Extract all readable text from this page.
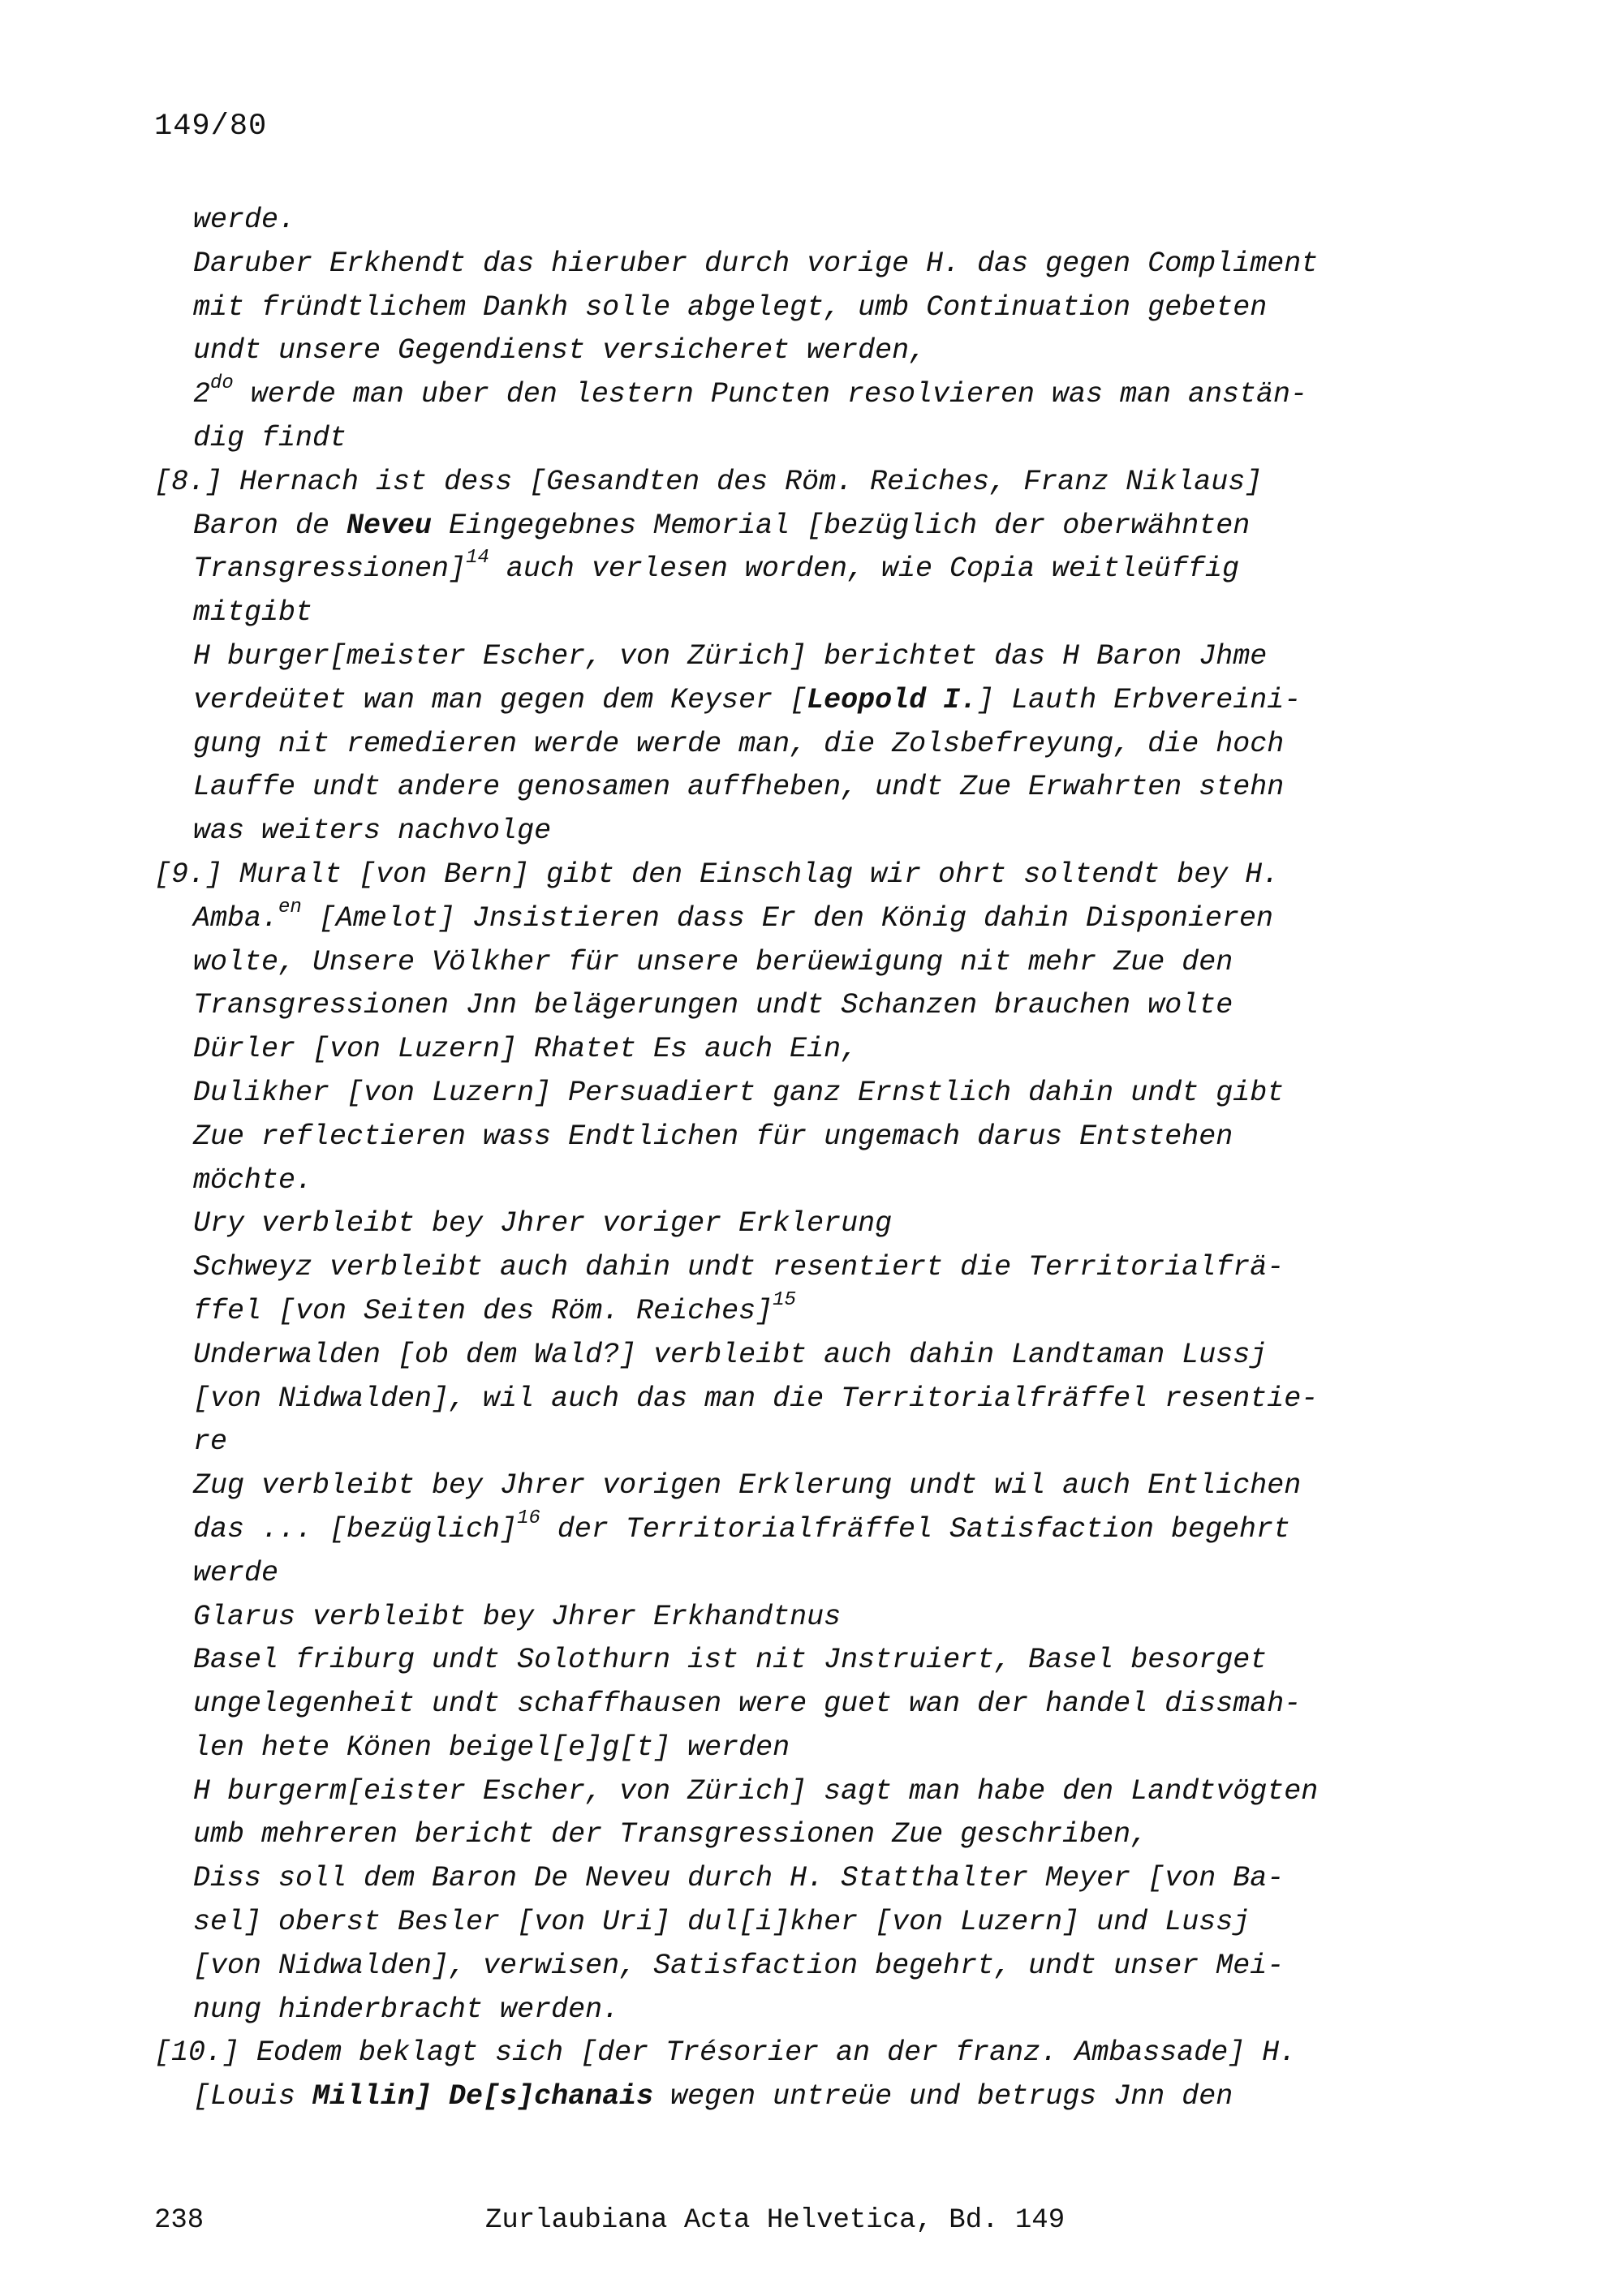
149/80
werde.
Daruber Erkhendt das hieruber durch vorige H. das gegen Compliment
mit fründtlichem Dankh solle abgelegt, umb Continuation gebeten
undt unsere Gegendienst versicheret werden,
$2^{do}$ werde man uber den lestern Puncten resolvieren was man anstän-
dig findt
[8.] Hernach ist dess [Gesandten des Röm. Reiches, Franz Niklaus]
Baron de Neveu Eingegebnes Memorial [bezüglich der oberwähnten
Transgressionen]$^{14}$ auch verlesen worden, wie Copia weitleüffig
mitgibt
H burger[meister Escher, von Zürich] berichtet das H Baron Jhme
verdeütet wan man gegen dem Keyser [Leopold I.] Lauth Erbvereini-
gung nit remedieren werde werde man, die Zolsbefreyung, die hoch
Lauffe undt andere genosamen auffheben, undt Zue Erwahrten stehn
was weiters nachvolge
[9.] Muralt [von Bern] gibt den Einschlag wir ohrt soltendt bey H.
Amba.$^{en}$ [Amelot] Jnsistieren dass Er den König dahin Disponieren
wolte, Unsere Völkher für unsere berüewigung nit mehr Zue den
Transgressionen Jnn belägerungen undt Schanzen brauchen wolte
Dürler [von Luzern] Rhatet Es auch Ein,
Dulikher [von Luzern] Persuadiert ganz Ernstlich dahin undt gibt
Zue reflectieren wass Endtlichen für ungemach darus Entstehen
möchte.
Ury verbleibt bey Jhrer voriger Erklerung
Schweyz verbleibt auch dahin undt resentiert die Territorialfrä-
ffel [von Seiten des Röm. Reiches]$^{15}$
Underwalden [ob dem Wald?] verbleibt auch dahin Landtaman Lussj
[von Nidwalden], wil auch das man die Territorialfräffel resentie-
re
Zug verbleibt bey Jhrer vorigen Erklerung undt wil auch Entlichen
das ... [bezüglich]$^{16}$ der Territorialfräffel Satisfaction begehrt
werde
Glarus verbleibt bey Jhrer Erkhandtnus
Basel friburg undt Solothurn ist nit Jnstruiert, Basel besorget
ungelegenheit undt schaffhausen were guet wan der handel dissmah-
len hete Könen beigel[e]g[t] werden
H burgerm[eister Escher, von Zürich] sagt man habe den Landtvögten
umb mehreren bericht der Transgressionen Zue geschriben,
Diss soll dem Baron De Neveu durch H. Statthalter Meyer [von Ba-
sel] oberst Besler [von Uri] dul[i]kher [von Luzern] und Lussj
[von Nidwalden], verwisen, Satisfaction begehrt, undt unser Mei-
nung hinderbracht werden.
[10.] Eodem beklagt sich [der Trésorier an der franz. Ambassade] H.
[Louis Millin] De[s]chanais wegen untreüe und betrugs Jnn den
238	Zurlaubiana Acta Helvetica, Bd. 149
